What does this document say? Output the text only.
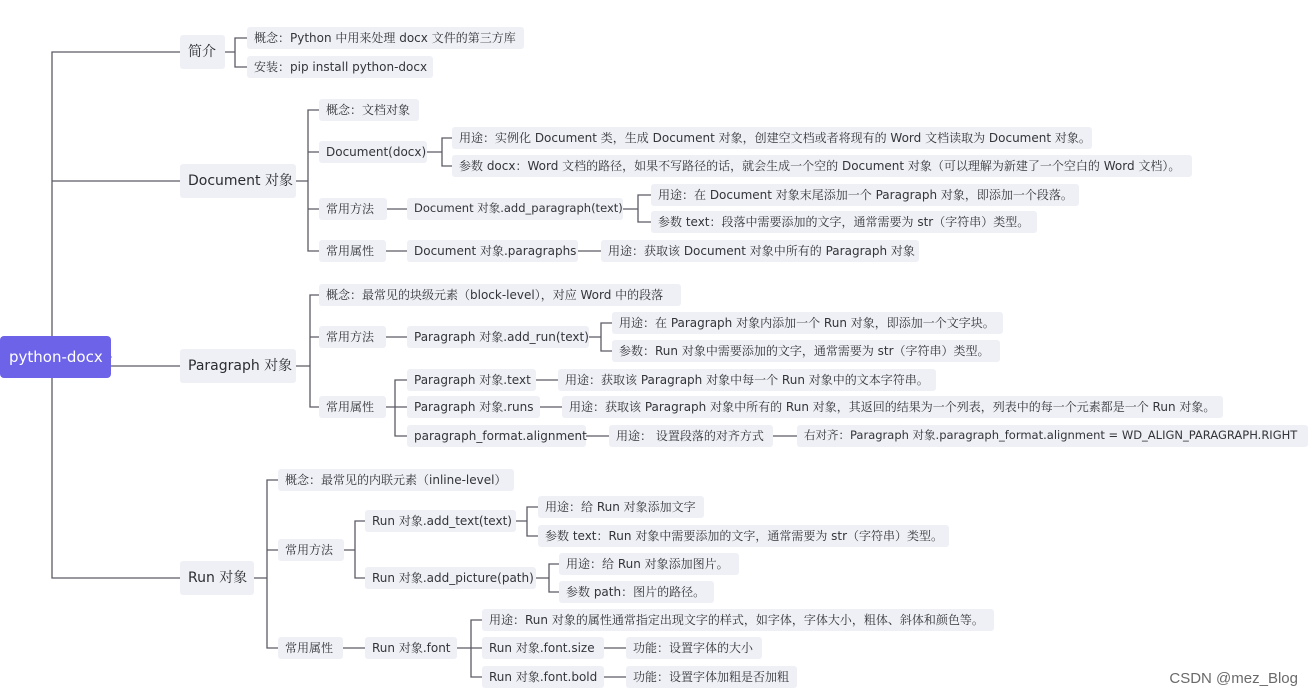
python-docx
简介
概念：Python 中用来处理 docx 文件的第三方库
安装：pip install python-docx
Document 对象
概念：文档对象
Document(docx)
用途：实例化 Document 类，生成 Document 对象，创建空文档或者将现有的 Word 文档读取为 Document 对象。
参数 docx：Word 文档的路径，如果不写路径的话，就会生成一个空的 Document 对象（可以理解为新建了一个空白的 Word 文档）。
常用方法	Document 对象.add_paragraph(text)
用途：在 Document 对象末尾添加一个 Paragraph 对象，即添加一个段落。
参数 text：段落中需要添加的文字，通常需要为 str（字符串）类型。
常用属性	Document 对象.paragraphs	用途：获取该 Document 对象中所有的 Paragraph 对象
Paragraph 对象
概念：最常见的块级元素（block-level），对应 Word 中的段落
常用方法	Paragraph 对象.add_run(text)
用途：在 Paragraph 对象内添加一个 Run 对象，即添加一个文字块。
参数：Run 对象中需要添加的文字，通常需要为 str（字符串）类型。
常用属性
Paragraph 对象.text	用途：获取该 Paragraph 对象中每一个 Run 对象中的文本字符串。
Paragraph 对象.runs	用途：获取该 Paragraph 对象中所有的 Run 对象，其返回的结果为一个列表，列表中的每一个元素都是一个 Run 对象。
paragraph_format.alignment	用途： 设置段落的对齐方式	右对齐：Paragraph 对象.paragraph_format.alignment = WD_ALIGN_PARAGRAPH.RIGHT
Run 对象
概念：最常见的内联元素（inline-level）
常用方法
Run 对象.add_text(text)
用途：给 Run 对象添加文字
参数 text：Run 对象中需要添加的文字，通常需要为 str（字符串）类型。
Run 对象.add_picture(path)
用途：给 Run 对象添加图片。
参数 path：图片的路径。
常用属性	Run 对象.font
用途：Run 对象的属性通常指定出现文字的样式，如字体，字体大小，粗体、斜体和颜色等。
Run 对象.font.size	功能：设置字体的大小
Run 对象.font.bold	功能：设置字体加粗是否加粗	CSDN @mez_Blog
